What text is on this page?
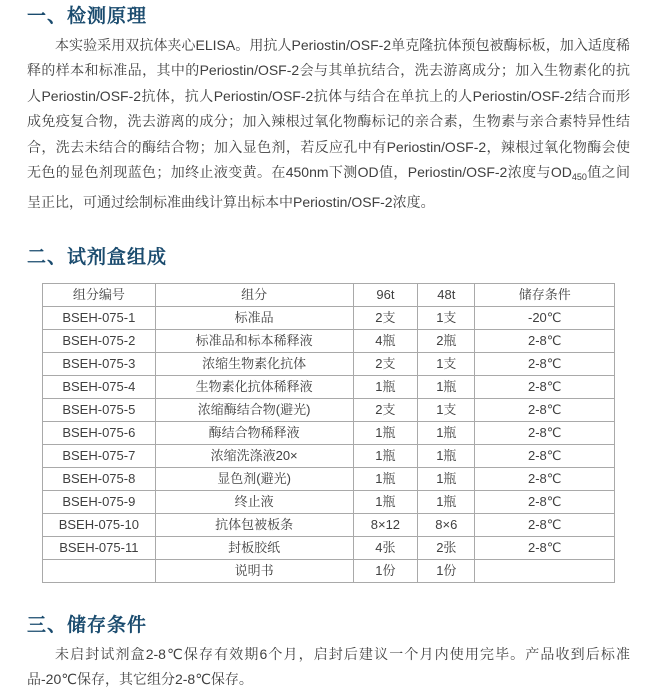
一、检测原理

本实验采用双抗体夹心ELISA。用抗人Periostin/OSF-2单克隆抗体预包被酶标板，加入适度稀释的样本和标准品，其中的Periostin/OSF-2会与其单抗结合，洗去游离成分；加入生物素化的抗人Periostin/OSF-2抗体，抗人Periostin/OSF-2抗体与结合在单抗上的人Periostin/OSF-2结合而形成免疫复合物，洗去游离的成分；加入辣根过氧化物酶标记的亲合素，生物素与亲合素特异性结合，洗去未结合的酶结合物；加入显色剂，若反应孔中有Periostin/OSF-2，辣根过氧化物酶会使无色的显色剂现蓝色；加终止液变黄。在450nm下测OD值，Periostin/OSF-2浓度与$OD_{450}$值之间呈正比，可通过绘制标准曲线计算出标本中Periostin/OSF-2浓度。

二、试剂盒组成
组分编号	组分	96t	48t	储存条件
BSEH-075-1	标准品	2支	1支	-20℃
BSEH-075-2	标准品和标本稀释液	4瓶	2瓶	2-8℃
BSEH-075-3	浓缩生物素化抗体	2支	1支	2-8℃
BSEH-075-4	生物素化抗体稀释液	1瓶	1瓶	2-8℃
BSEH-075-5	浓缩酶结合物(避光)	2支	1支	2-8℃
BSEH-075-6	酶结合物稀释液	1瓶	1瓶	2-8℃
BSEH-075-7	浓缩洗涤液20×	1瓶	1瓶	2-8℃
BSEH-075-8	显色剂(避光)	1瓶	1瓶	2-8℃
BSEH-075-9	终止液	1瓶	1瓶	2-8℃
BSEH-075-10	抗体包被板条	8×12	8×6	2-8℃
BSEH-075-11	封板胶纸	4张	2张	2-8℃
	说明书	1份	1份	
三、储存条件

未启封试剂盒2-8℃保存有效期6个月，启封后建议一个月内使用完毕。产品收到后标准品-20℃保存，其它组分2-8℃保存。
